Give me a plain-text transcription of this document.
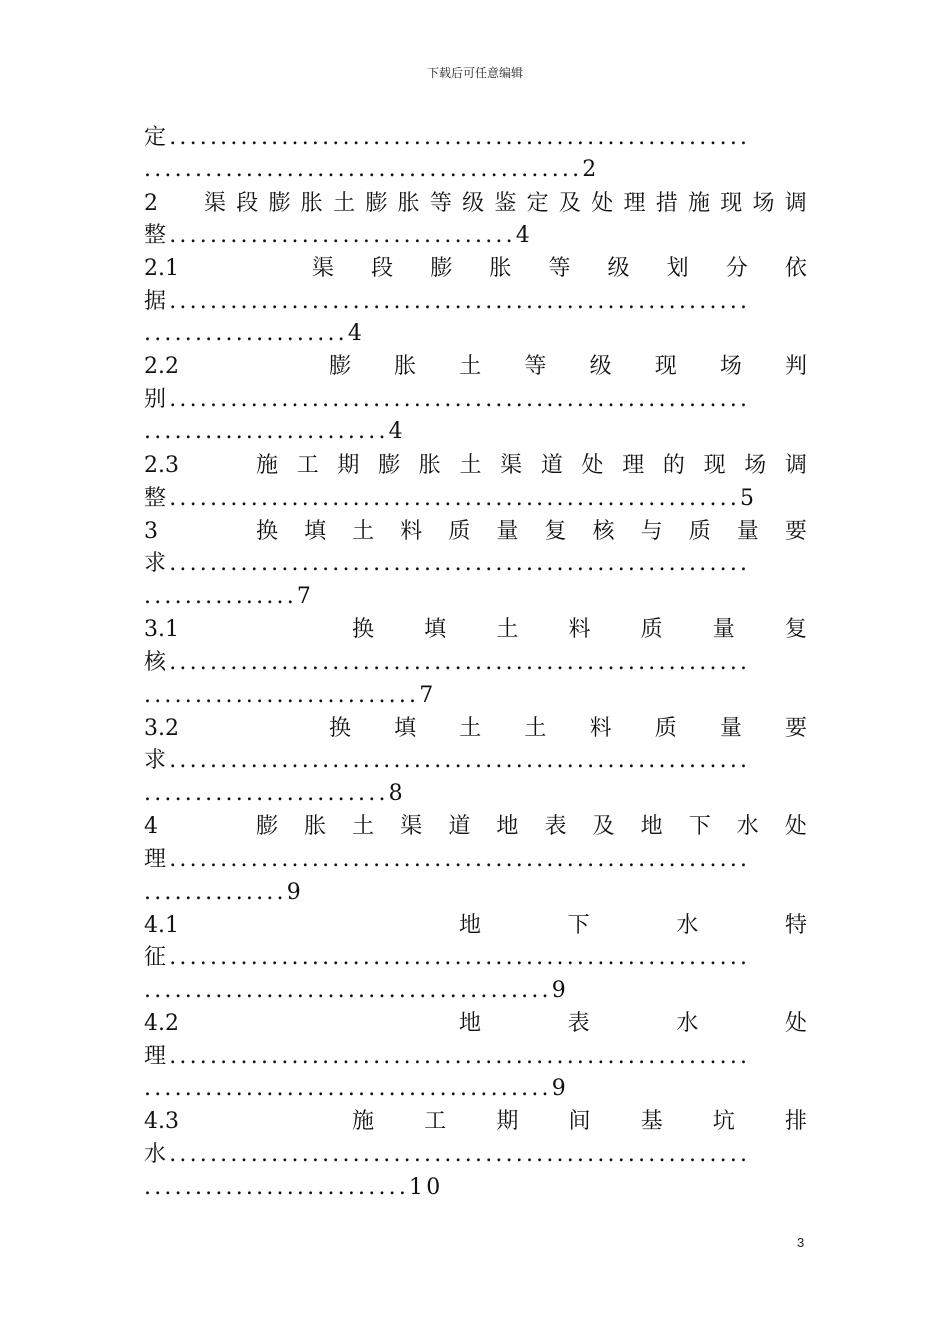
下载后可任意编辑
定.........................................................
...........................................2
2	渠 段 膨 胀 土 膨 胀 等 级 鉴 定 及 处 理 措 施 现 场 调
整..................................4
2.1	渠 段 膨 胀 等 级 划 分 依
据.........................................................
....................4
2.2	膨 胀 土 等 级 现 场 判
别.........................................................
........................4
2.3	施 工 期 膨 胀 土 渠 道 处 理 的 现 场 调
整........................................................5
3	换 填 土 料 质 量 复 核 与 质 量 要
求.........................................................
...............7
3.1	换 填 土 料 质 量 复
核.........................................................
...........................7
3.2	换 填 土 土 料 质 量 要
求.........................................................
........................8
4	膨 胀 土 渠 道 地 表 及 地 下 水 处
理.........................................................
..............9
4.1	地	下	水	特
征.........................................................
........................................9
4.2	地	表	水	处
理.........................................................
........................................9
4.3	施 工 期 间 基 坑 排
水.........................................................
..........................10
3
